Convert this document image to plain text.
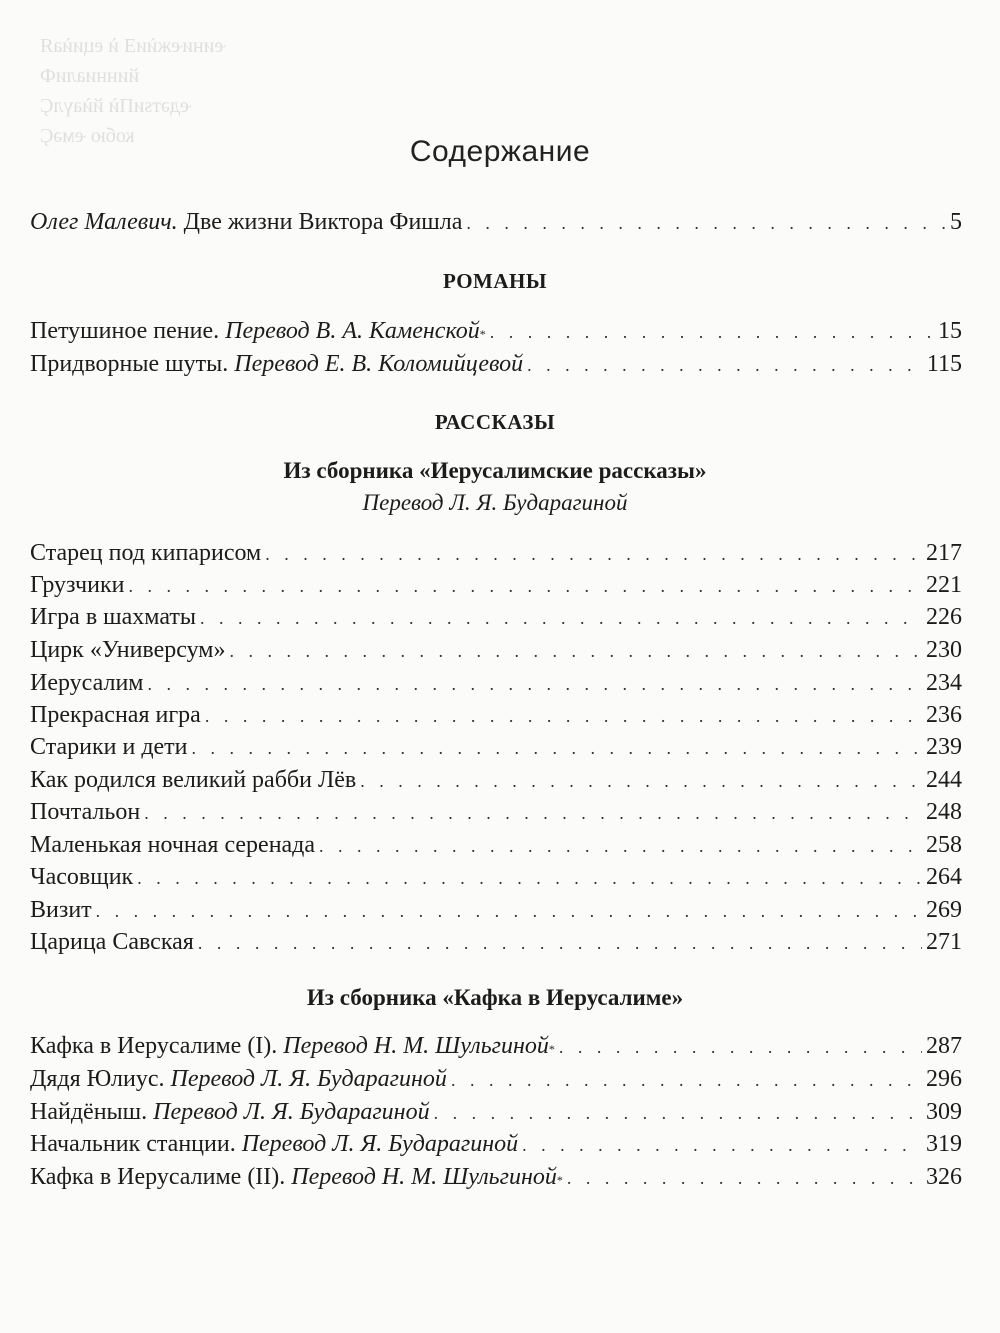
ҽиниҽжѝиƎ ѝ ециѝаЯ
йинниалиФ
ҽдәтѕиПѝ йѝаүлҪ
кобю ҽмәҪ	Содержание
Олег Малевич. Две жизни Виктора Фишла . . .	5
РОМАНЫ
Петушиное пение. Перевод В. А. Каменской * . . .	15
Придворные шуты. Перевод Е. В. Коломийцевой . . .	115
РАССКАЗЫ
Из сборника «Иерусалимские рассказы»
Перевод Л. Я. Бударагиной
Старец под кипарисом . . .	217
Грузчики . . .	221
Игра в шахматы . . .	226
Цирк «Универсум» . . .	230
Иерусалим . . .	234
Прекрасная игра . . .	236
Старики и дети . . .	239
Как родился великий рабби Лёв . . .	244
Почтальон . . .	248
Маленькая ночная серенада . . .	258
Часовщик . . .	264
Визит . . .	269
Царица Савская . . .	271
Из сборника «Кафка в Иерусалиме»
Кафка в Иерусалиме (I). Перевод Н. М. Шульгиной * . . .	287
Дядя Юлиус. Перевод Л. Я. Бударагиной . . .	296
Найдёныш. Перевод Л. Я. Бударагиной . . .	309
Начальник станции. Перевод Л. Я. Бударагиной . . .	319
Кафка в Иерусалиме (II). Перевод Н. М. Шульгиной * . . .	326
